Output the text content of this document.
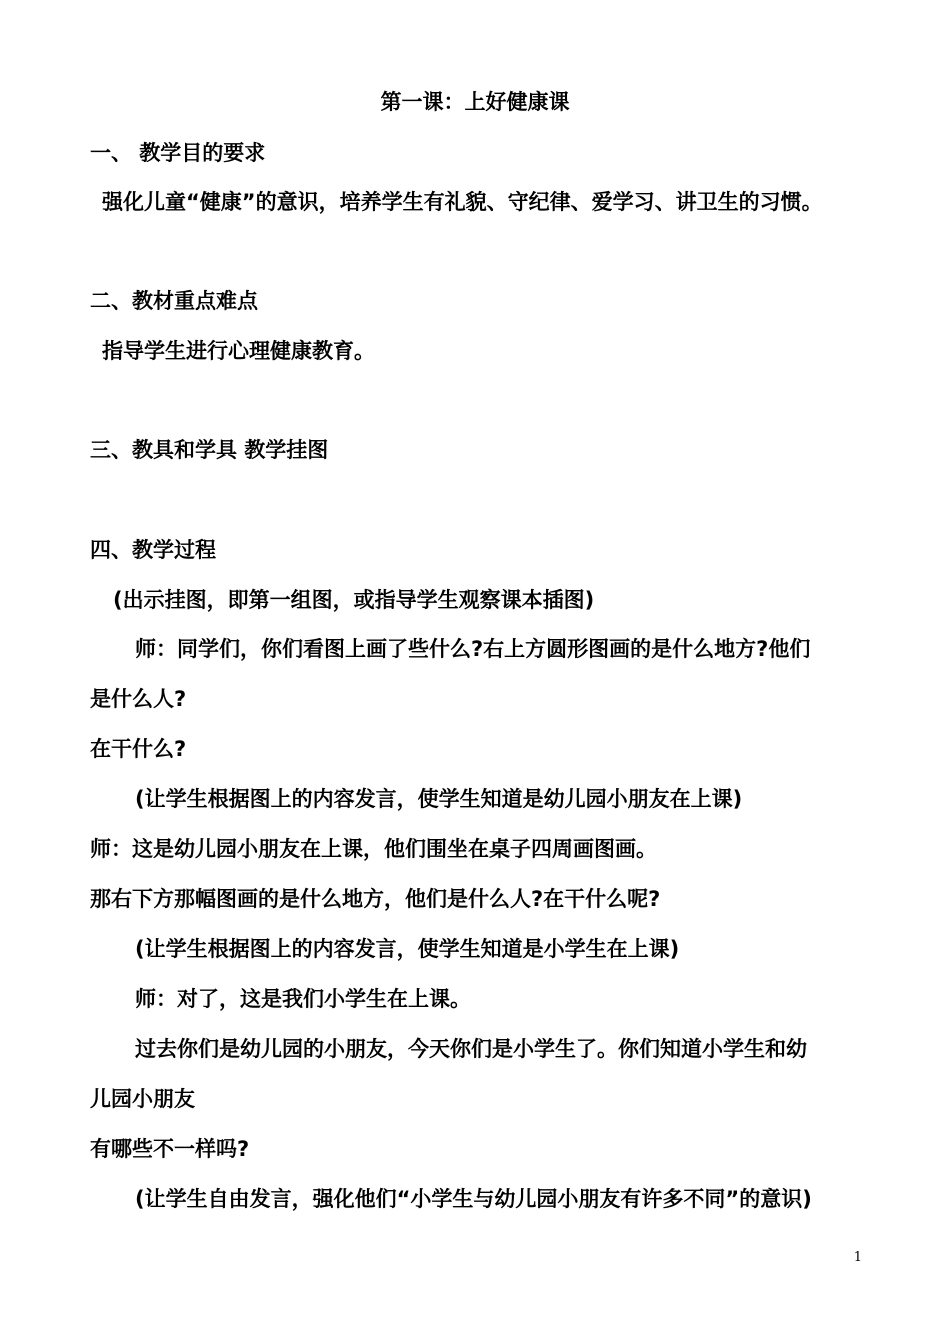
第一课：上好健康课
一、 教学目的要求
强化儿童“健康”的意识，培养学生有礼貌、守纪律、爱学习、讲卫生的习惯。
二、教材重点难点
指导学生进行心理健康教育。
三、教具和学具 教学挂图
四、教学过程
(出示挂图，即第一组图，或指导学生观察课本插图)
师：同学们，你们看图上画了些什么?右上方圆形图画的是什么地方?他们
是什么人?
在干什么?
(让学生根据图上的内容发言，使学生知道是幼儿园小朋友在上课)
师：这是幼儿园小朋友在上课，他们围坐在桌子四周画图画。
那右下方那幅图画的是什么地方，他们是什么人?在干什么呢?
(让学生根据图上的内容发言，使学生知道是小学生在上课)
师：对了，这是我们小学生在上课。
过去你们是幼儿园的小朋友，今天你们是小学生了。你们知道小学生和幼
儿园小朋友
有哪些不一样吗?
(让学生自由发言，强化他们“小学生与幼儿园小朋友有许多不同”的意识)
1
